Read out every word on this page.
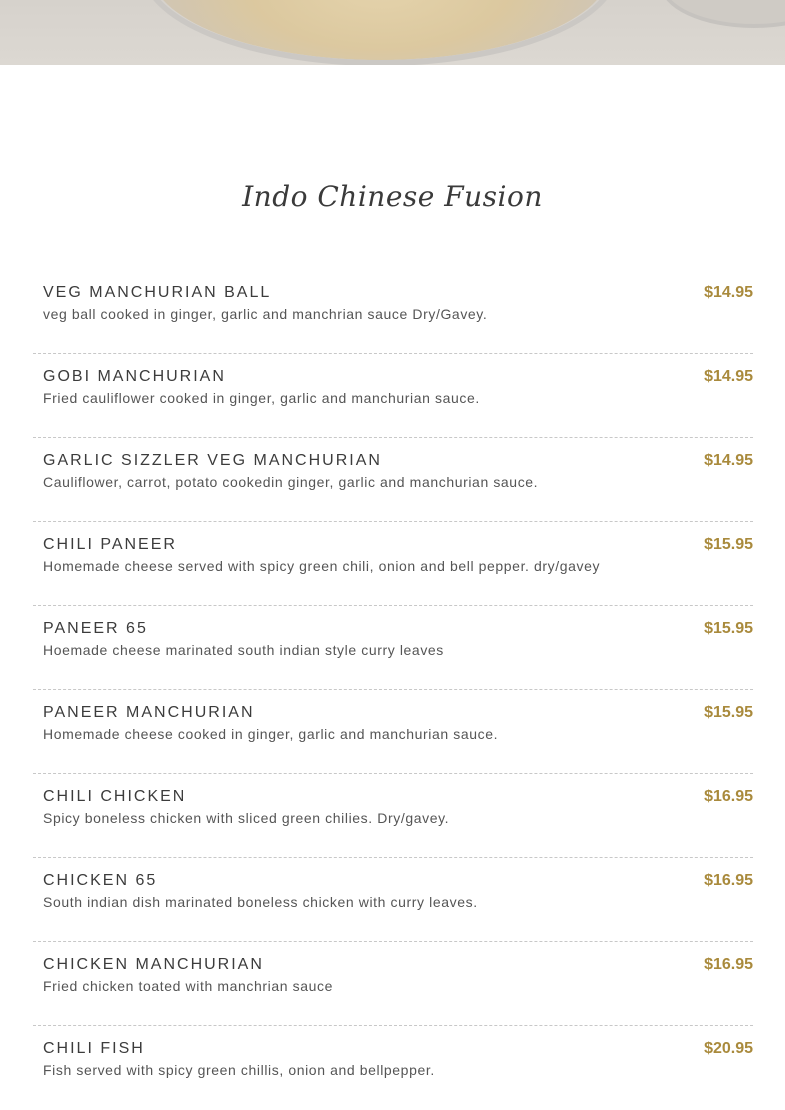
Indo Chinese Fusion
VEG MANCHURIAN BALL
veg ball cooked in ginger, garlic and manchrian sauce Dry/Gavey.
$14.95
GOBI MANCHURIAN
Fried cauliflower cooked in ginger, garlic and manchurian sauce.
$14.95
GARLIC SIZZLER VEG MANCHURIAN
Cauliflower, carrot, potato cookedin ginger, garlic and manchurian sauce.
$14.95
CHILI PANEER
Homemade cheese served with spicy green chili, onion and bell pepper. dry/gavey
$15.95
PANEER 65
Hoemade cheese marinated south indian style curry leaves
$15.95
PANEER MANCHURIAN
Homemade cheese cooked in ginger, garlic and manchurian sauce.
$15.95
CHILI CHICKEN
Spicy boneless chicken with sliced green chilies. Dry/gavey.
$16.95
CHICKEN 65
South indian dish marinated boneless chicken with curry leaves.
$16.95
CHICKEN MANCHURIAN
Fried chicken toated with manchrian sauce
$16.95
CHILI FISH
Fish served with spicy green chillis, onion and bellpepper.
$20.95
